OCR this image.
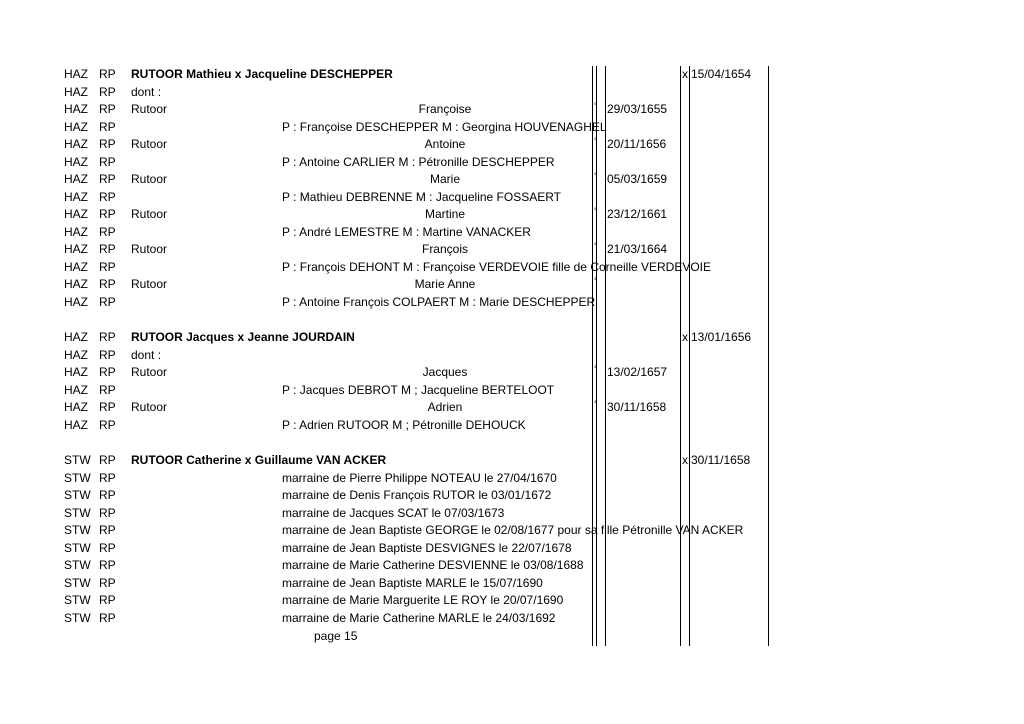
HAZ RP RUTOOR Mathieu x Jacqueline DESCHEPPER	x 15/04/1654
HAZ RP dont :
HAZ RP Rutoor	Françoise	° 29/03/1655
HAZ RP	P : Françoise DESCHEPPER M : Georgina HOUVENAGHEL
HAZ RP Rutoor	Antoine	° 20/11/1656
HAZ RP	P : Antoine CARLIER M : Pétronille DESCHEPPER
HAZ RP Rutoor	Marie	° 05/03/1659
HAZ RP	P : Mathieu DEBRENNE M : Jacqueline FOSSAERT
HAZ RP Rutoor	Martine	° 23/12/1661
HAZ RP	P : André LEMESTRE M : Martine VANACKER
HAZ RP Rutoor	François	° 21/03/1664
HAZ RP	P : François DEHONT M : Françoise VERDEVOIE fille de Corneille VERDEVOIE
HAZ RP Rutoor	Marie Anne	°
HAZ RP	P : Antoine François COLPAERT M : Marie DESCHEPPER
HAZ RP RUTOOR Jacques x Jeanne JOURDAIN	x 13/01/1656
HAZ RP dont :
HAZ RP Rutoor	Jacques	° 13/02/1657
HAZ RP	P : Jacques DEBROT M ; Jacqueline BERTELOOT
HAZ RP Rutoor	Adrien	° 30/11/1658
HAZ RP	P : Adrien RUTOOR M ; Pétronille DEHOUCK
STW RP RUTOOR Catherine x Guillaume VAN ACKER	x 30/11/1658
STW RP	marraine de Pierre Philippe NOTEAU le 27/04/1670
STW RP	marraine de Denis François RUTOR le 03/01/1672
STW RP	marraine de Jacques SCAT le 07/03/1673
STW RP	marraine de Jean Baptiste GEORGE le 02/08/1677 pour sa fille Pétronille VAN ACKER
STW RP	marraine de Jean Baptiste DESVIGNES le 22/07/1678
STW RP	marraine de Marie Catherine DESVIENNE le 03/08/1688
STW RP	marraine de Jean Baptiste MARLE le 15/07/1690
STW RP	marraine de Marie Marguerite LE ROY le 20/07/1690
STW RP	marraine de Marie Catherine MARLE le 24/03/1692
page 15
